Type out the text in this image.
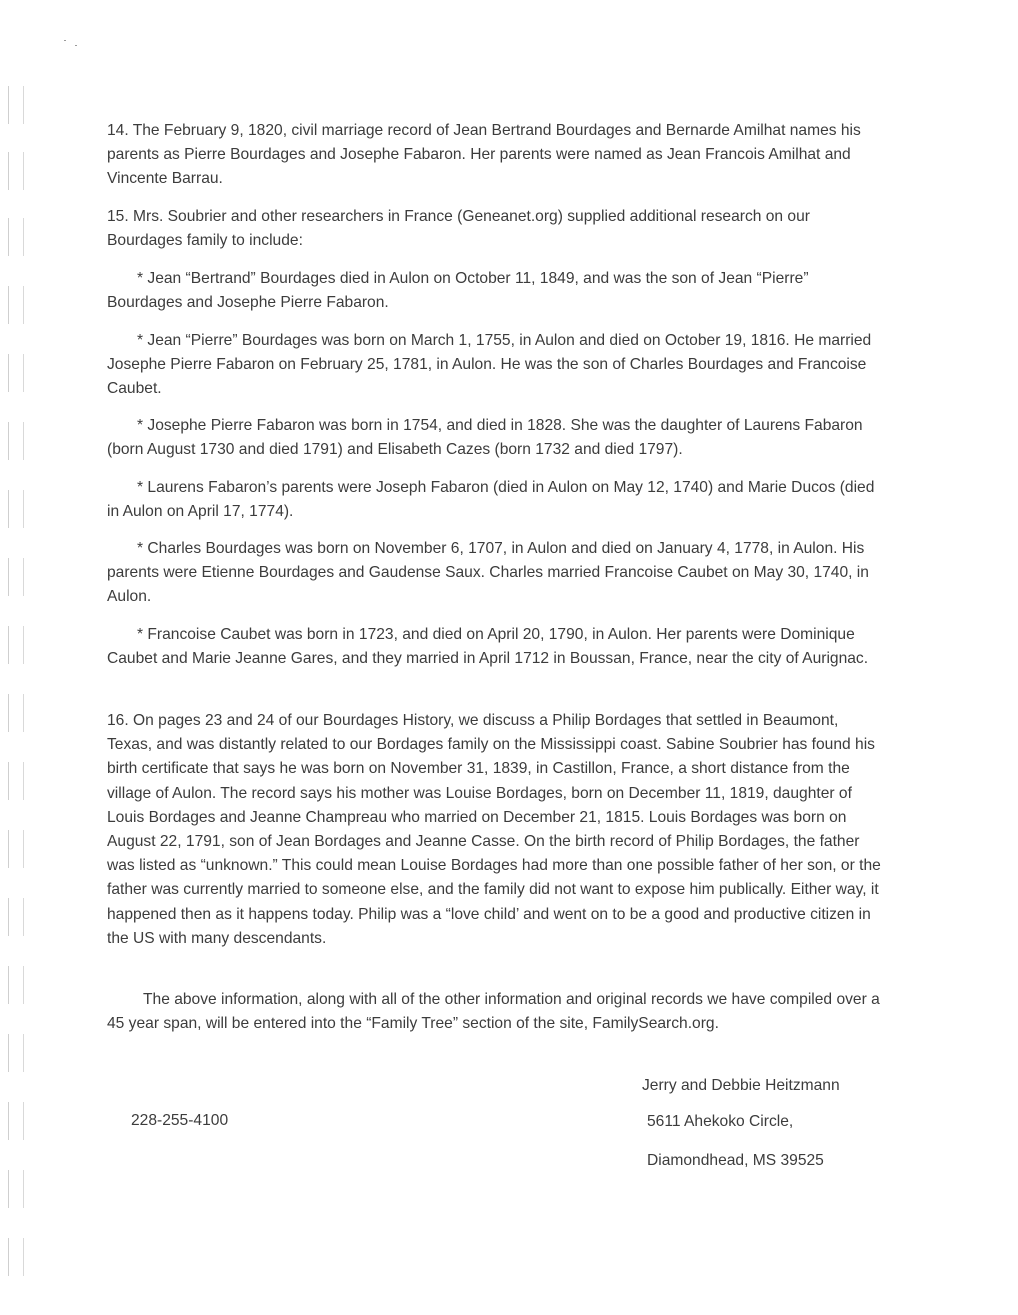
14. The February 9, 1820, civil marriage record of Jean Bertrand Bourdages and Bernarde Amilhat names his parents as Pierre Bourdages and Josephe Fabaron. Her parents were named as Jean Francois Amilhat and Vincente Barrau.

15. Mrs. Soubrier and other researchers in France (Geneanet.org) supplied additional research on our Bourdages family to include:

* Jean “Bertrand” Bourdages died in Aulon on October 11, 1849, and was the son of Jean “Pierre” Bourdages and Josephe Pierre Fabaron.

* Jean “Pierre” Bourdages was born on March 1, 1755, in Aulon and died on October 19, 1816. He married Josephe Pierre Fabaron on February 25, 1781, in Aulon. He was the son of Charles Bourdages and Francoise Caubet.

* Josephe Pierre Fabaron was born in 1754, and died in 1828. She was the daughter of Laurens Fabaron (born August 1730 and died 1791) and Elisabeth Cazes (born 1732 and died 1797).

* Laurens Fabaron’s parents were Joseph Fabaron (died in Aulon on May 12, 1740) and Marie Ducos (died in Aulon on April 17, 1774).

* Charles Bourdages was born on November 6, 1707, in Aulon and died on January 4, 1778, in Aulon. His parents were Etienne Bourdages and Gaudense Saux. Charles married Francoise Caubet on May 30, 1740, in Aulon.

* Francoise Caubet was born in 1723, and died on April 20, 1790, in Aulon. Her parents were Dominique Caubet and Marie Jeanne Gares, and they married in April 1712 in Boussan, France, near the city of Aurignac.

16. On pages 23 and 24 of our Bourdages History, we discuss a Philip Bordages that settled in Beaumont, Texas, and was distantly related to our Bordages family on the Mississippi coast. Sabine Soubrier has found his birth certificate that says he was born on November 31, 1839, in Castillon, France, a short distance from the village of Aulon. The record says his mother was Louise Bordages, born on December 11, 1819, daughter of Louis Bordages and Jeanne Champreau who married on December 21, 1815. Louis Bordages was born on August 22, 1791, son of Jean Bordages and Jeanne Casse. On the birth record of Philip Bordages, the father was listed as “unknown.” This could mean Louise Bordages had more than one possible father of her son, or the father was currently married to someone else, and the family did not want to expose him publically. Either way, it happened then as it happens today. Philip was a “love child’ and went on to be a good and productive citizen in the US with many descendants.

The above information, along with all of the other information and original records we have compiled over a 45 year span, will be entered into the “Family Tree” section of the site, FamilySearch.org.

Jerry and Debbie Heitzmann

228-255-4100	5611 Ahekoko Circle,

Diamondhead, MS 39525
